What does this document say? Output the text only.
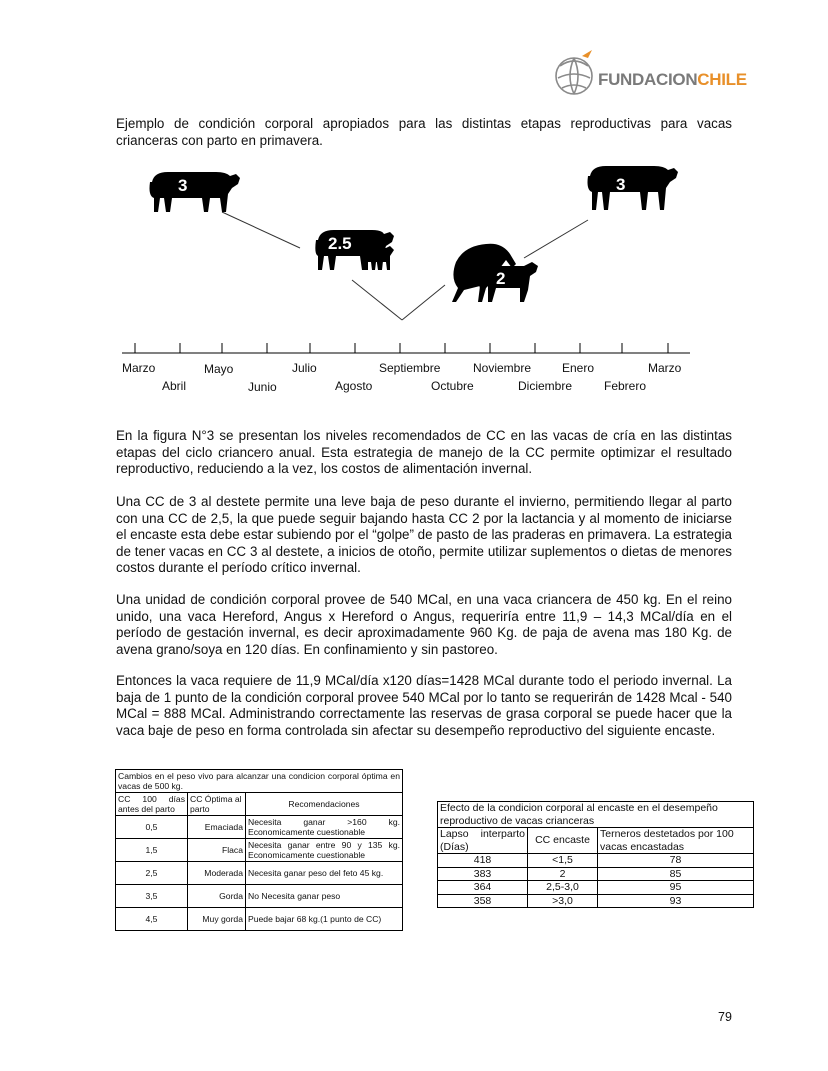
FUNDACIONCHILE

Ejemplo de condición corporal apropiados para las distintas etapas reproductivas para vacas crianceras con parto en primavera.

3
2.5
2
3
Marzo	Mayo	Julio	Septiembre	Noviembre	Enero	Marzo
Abril	Junio	Agosto	Octubre	Diciembre	Febrero

En la figura N°3 se presentan los niveles recomendados de CC en las vacas de cría en las distintas etapas del ciclo criancero anual. Esta estrategia de manejo de la CC permite optimizar el resultado reproductivo, reduciendo a la vez, los costos de alimentación invernal.

Una CC de 3 al destete permite una leve baja de peso durante el invierno, permitiendo llegar al parto con una CC de 2,5, la que puede seguir bajando hasta CC 2 por la lactancia y al momento de iniciarse el encaste esta debe estar subiendo por el “golpe” de pasto de las praderas en primavera. La estrategia de tener vacas en CC 3 al destete, a inicios de otoño, permite utilizar suplementos o dietas de menores costos durante el período crítico invernal.

Una unidad de condición corporal provee de 540 MCal, en una vaca criancera de 450 kg. En el reino unido, una vaca Hereford, Angus x Hereford o Angus, requeriría entre 11,9 – 14,3 MCal/día en el período de gestación invernal, es decir aproximadamente 960 Kg. de paja de avena mas 180 Kg. de avena grano/soya en 120 días. En confinamiento y sin pastoreo.

Entonces la vaca requiere de 11,9 MCal/día x120 días=1428 MCal durante todo el periodo invernal. La baja de 1 punto de la condición corporal provee 540 MCal por lo tanto se requerirán de 1428 Mcal - 540 MCal = 888 MCal. Administrando correctamente las reservas de grasa corporal se puede hacer que la vaca baje de peso en forma controlada sin afectar su desempeño reproductivo del siguiente encaste.

Cambios en el peso vivo para alcanzar una condicion corporal óptima en vacas de 500 kg.		
CC 100 días antes del parto	CC Óptima al parto	Recomendaciones
0,5	Emaciada	Necesita ganar >160 kg. Economicamente cuestionable
1,5	Flaca	Necesita ganar entre 90 y 135 kg. Economicamente cuestionable
2,5	Moderada	Necesita ganar peso del feto 45 kg.
3,5	Gorda	No Necesita ganar peso
4,5	Muy gorda	Puede bajar 68 kg.(1 punto de CC)
Efecto de la condicion corporal al encaste en el desempeño reproductivo de vacas crianceras		
Lapso interparto (Días)	CC encaste	Terneros destetados por 100 vacas encastadas
418	<1,5	78
383	2	85
364	2,5-3,0	95
358	>3,0	93
79
